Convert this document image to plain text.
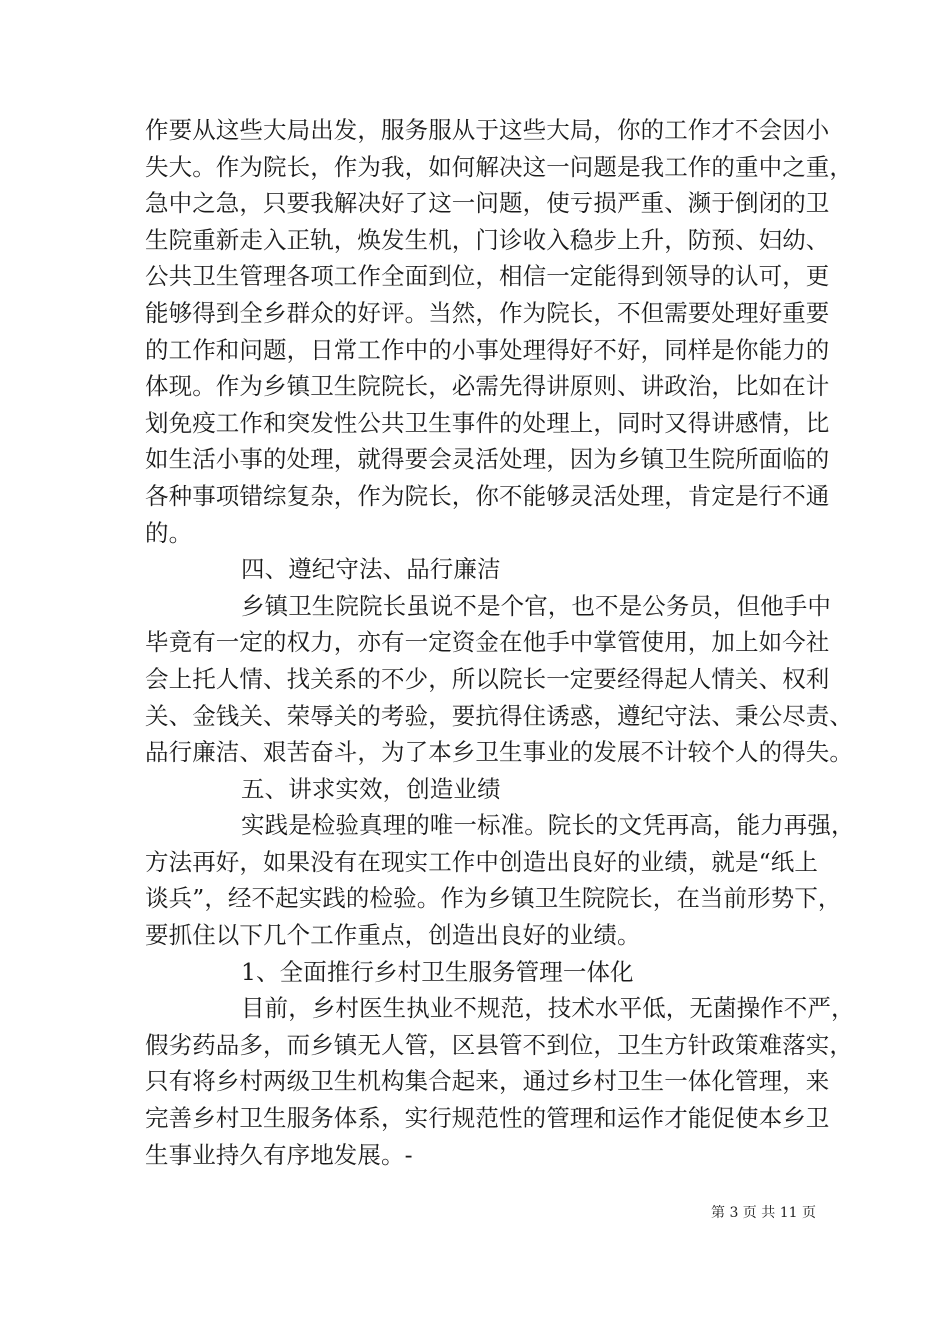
作要从这些大局出发，服务服从于这些大局，你的工作才不会因小
失大。作为院长，作为我，如何解决这一问题是我工作的重中之重，
急中之急，只要我解决好了这一问题，使亏损严重、濒于倒闭的卫
生院重新走入正轨，焕发生机，门诊收入稳步上升，防预、妇幼、
公共卫生管理各项工作全面到位，相信一定能得到领导的认可，更
能够得到全乡群众的好评。当然，作为院长，不但需要处理好重要
的工作和问题，日常工作中的小事处理得好不好，同样是你能力的
体现。作为乡镇卫生院院长，必需先得讲原则、讲政治，比如在计
划免疫工作和突发性公共卫生事件的处理上，同时又得讲感情，比
如生活小事的处理，就得要会灵活处理，因为乡镇卫生院所面临的
各种事项错综复杂，作为院长，你不能够灵活处理，肯定是行不通
的。
四、遵纪守法、品行廉洁
乡镇卫生院院长虽说不是个官，也不是公务员，但他手中
毕竟有一定的权力，亦有一定资金在他手中掌管使用，加上如今社
会上托人情、找关系的不少，所以院长一定要经得起人情关、权利
关、金钱关、荣辱关的考验，要抗得住诱惑，遵纪守法、秉公尽责、
品行廉洁、艰苦奋斗，为了本乡卫生事业的发展不计较个人的得失。
五、讲求实效，创造业绩
实践是检验真理的唯一标准。院长的文凭再高，能力再强，
方法再好，如果没有在现实工作中创造出良好的业绩，就是“纸上
谈兵”，经不起实践的检验。作为乡镇卫生院院长，在当前形势下，
要抓住以下几个工作重点，创造出良好的业绩。
1、全面推行乡村卫生服务管理一体化
目前，乡村医生执业不规范，技术水平低，无菌操作不严，
假劣药品多，而乡镇无人管，区县管不到位，卫生方针政策难落实，
只有将乡村两级卫生机构集合起来，通过乡村卫生一体化管理，来
完善乡村卫生服务体系，实行规范性的管理和运作才能促使本乡卫
生事业持久有序地发展。-
第 3 页 共 11 页
